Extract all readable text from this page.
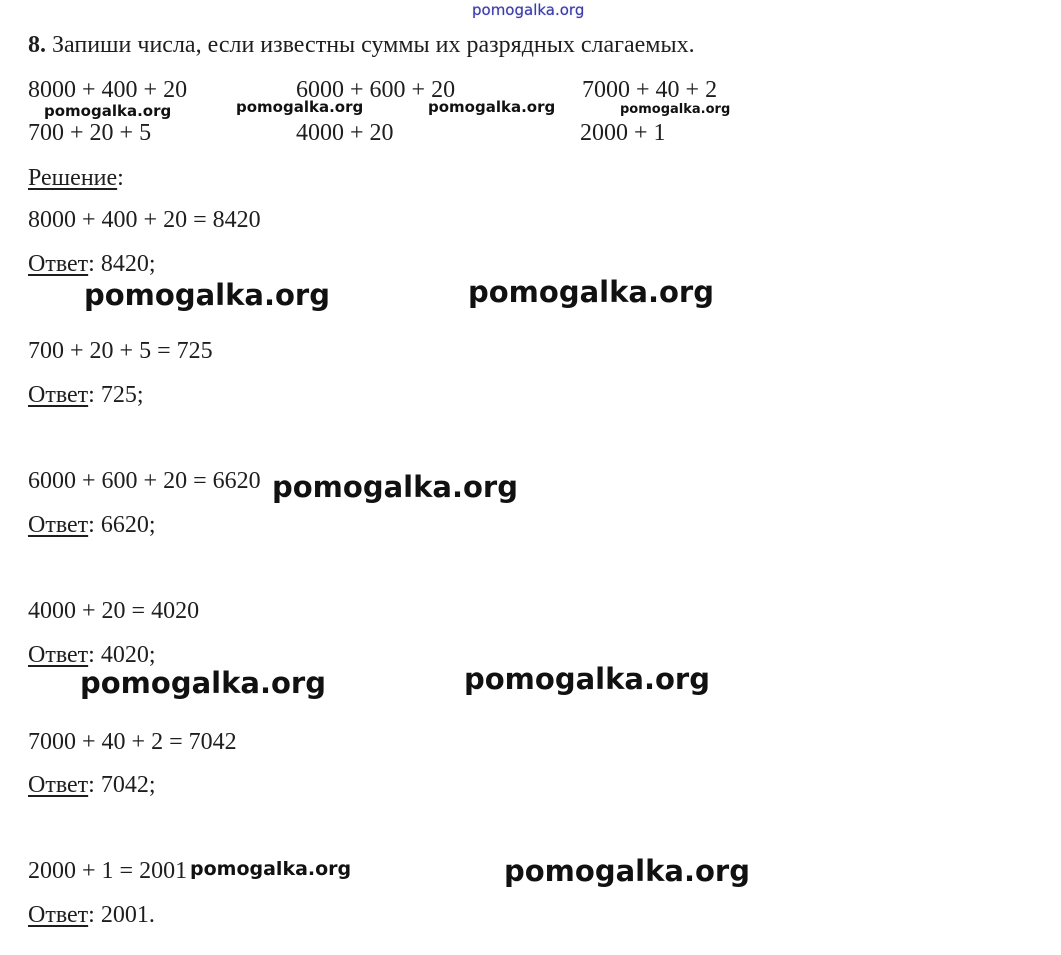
pomogalka.org
8. Запиши числа, если известны суммы их разрядных слагаемых.
8000 + 400 + 20	6000 + 600 + 20	7000 + 40 + 2
700 + 20 + 5	4000 + 20	2000 + 1
pomogalka.org	pomogalka.org	pomogalka.org	pomogalka.org
Решение:
8000 + 400 + 20 = 8420
Ответ: 8420;
pomogalka.org	pomogalka.org
700 + 20 + 5 = 725
Ответ: 725;
6000 + 600 + 20 = 6620 pomogalka.org
Ответ: 6620;
4000 + 20 = 4020
Ответ: 4020;
pomogalka.org	pomogalka.org
7000 + 40 + 2 = 7042
Ответ: 7042;
2000 + 1 = 2001 pomogalka.org	pomogalka.org
Ответ: 2001.
